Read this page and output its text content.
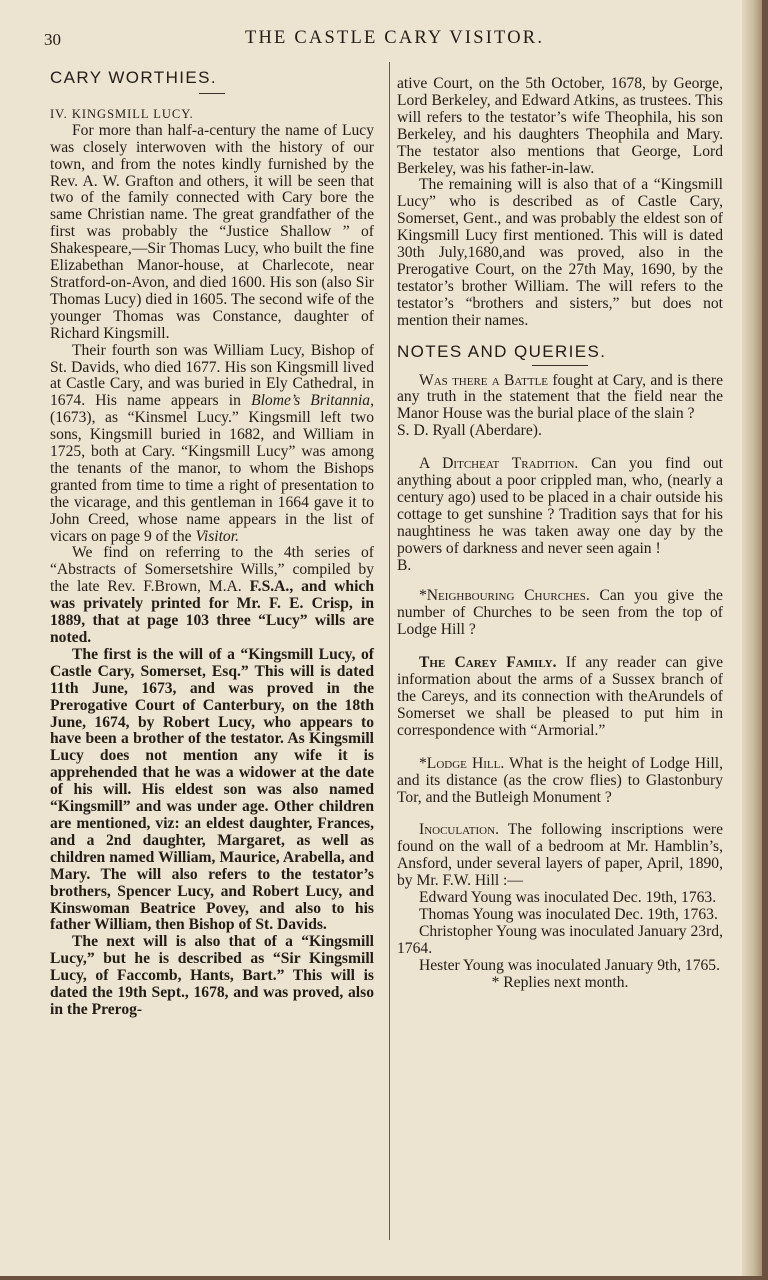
30	THE CASTLE CARY VISITOR.

CARY WORTHIES.

IV. KINGSMILL LUCY.

For more than half-a-century the name of Lucy was closely interwoven with the history of our town, and from the notes kindly furnished by the Rev. A. W. Grafton and others, it will be seen that two of the family connected with Cary bore the same Christian name. The great grandfather of the first was probably the “Justice Shallow ” of Shakespeare,—Sir Thomas Lucy, who built the fine Elizabethan Manor-house, at Charlecote, near Stratford-on-Avon, and died 1600. His son (also Sir Thomas Lucy) died in 1605. The second wife of the younger Thomas was Constance, daughter of Richard Kingsmill.

Their fourth son was William Lucy, Bishop of St. Davids, who died 1677. His son Kingsmill lived at Castle Cary, and was buried in Ely Cathedral, in 1674. His name appears in Blome’s Britannia, (1673), as “Kinsmel Lucy.” Kingsmill left two sons, Kingsmill buried in 1682, and William in 1725, both at Cary. “Kingsmill Lucy” was among the tenants of the manor, to whom the Bishops granted from time to time a right of presentation to the vicarage, and this gentleman in 1664 gave it to John Creed, whose name appears in the list of vicars on page 9 of the Visitor.

We find on referring to the 4th series of “Abstracts of Somersetshire Wills,” compiled by the late Rev. F.Brown, M.A. F.S.A., and which was privately printed for Mr. F. E. Crisp, in 1889, that at page 103 three “Lucy” wills are noted.

The first is the will of a “Kingsmill Lucy, of Castle Cary, Somerset, Esq.” This will is dated 11th June, 1673, and was proved in the Prerogative Court of Canterbury, on the 18th June, 1674, by Robert Lucy, who appears to have been a brother of the testator. As Kingsmill Lucy does not mention any wife it is apprehended that he was a widower at the date of his will. His eldest son was also named “Kingsmill” and was under age. Other children are mentioned, viz: an eldest daughter, Frances, and a 2nd daughter, Margaret, as well as children named William, Maurice, Arabella, and Mary. The will also refers to the testator’s brothers, Spencer Lucy, and Robert Lucy, and Kinswoman Beatrice Povey, and also to his father William, then Bishop of St. Davids.

The next will is also that of a “Kingsmill Lucy,” but he is described as “Sir Kingsmill Lucy, of Faccomb, Hants, Bart.” This will is dated the 19th Sept., 1678, and was proved, also in the Prerog-

ative Court, on the 5th October, 1678, by George, Lord Berkeley, and Edward Atkins, as trustees. This will refers to the testator’s wife Theophila, his son Berkeley, and his daughters Theophila and Mary. The testator also mentions that George, Lord Berkeley, was his father-in-law.

The remaining will is also that of a “Kingsmill Lucy” who is described as of Castle Cary, Somerset, Gent., and was probably the eldest son of Kingsmill Lucy first mentioned. This will is dated 30th July,1680,and was proved, also in the Prerogative Court, on the 27th May, 1690, by the testator’s brother William. The will refers to the testator’s “brothers and sisters,” but does not mention their names.

NOTES AND QUERIES.

Was there a Battle fought at Cary, and is there any truth in the statement that the field near the Manor House was the burial place of the slain ?

S. D. Ryall (Aberdare).

A Ditcheat Tradition. Can you find out anything about a poor crippled man, who, (nearly a century ago) used to be placed in a chair outside his cottage to get sunshine ? Tradition says that for his naughtiness he was taken away one day by the powers of darkness and never seen again !

B.

*Neighbouring Churches. Can you give the number of Churches to be seen from the top of Lodge Hill ?

The Carey Family. If any reader can give information about the arms of a Sussex branch of the Careys, and its connection with theArundels of Somerset we shall be pleased to put him in correspondence with “Armorial.”

*Lodge Hill. What is the height of Lodge Hill, and its distance (as the crow flies) to Glastonbury Tor, and the Butleigh Monument ?

Inoculation. The following inscriptions were found on the wall of a bedroom at Mr. Hamblin’s, Ansford, under several layers of paper, April, 1890, by Mr. F.W. Hill :—

Edward Young was inoculated Dec. 19th, 1763.

Thomas Young was inoculated Dec. 19th, 1763.

Christopher Young was inoculated January 23rd, 1764.

Hester Young was inoculated January 9th, 1765.

* Replies next month.
